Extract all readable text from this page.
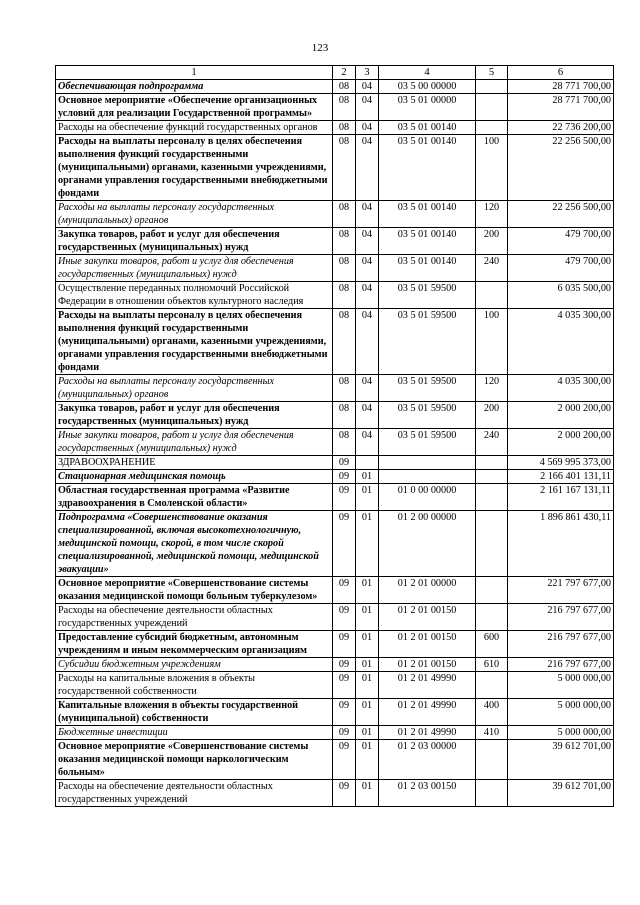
123
1	2	3	4	5	6
Обеспечивающая подпрограмма	08	04	03 5 00 00000		28 771 700,00
Основное мероприятие «Обеспечение организационных условий для реализации Государственной программы»	08	04	03 5 01 00000		28 771 700,00
Расходы на обеспечение функций государственных органов	08	04	03 5 01 00140		22 736 200,00
Расходы на выплаты персоналу в целях обеспечения выполнения функций государственными (муниципальными) органами, казенными учреждениями, органами управления государственными внебюджетными фондами	08	04	03 5 01 00140	100	22 256 500,00
Расходы на выплаты персоналу государственных (муниципальных) органов	08	04	03 5 01 00140	120	22 256 500,00
Закупка товаров, работ и услуг для обеспечения государственных (муниципальных) нужд	08	04	03 5 01 00140	200	479 700,00
Иные закупки товаров, работ и услуг для обеспечения государственных (муниципальных) нужд	08	04	03 5 01 00140	240	479 700,00
Осуществление переданных полномочий Российской Федерации в отношении объектов культурного наследия	08	04	03 5 01 59500		6 035 500,00
Расходы на выплаты персоналу в целях обеспечения выполнения функций государственными (муниципальными) органами, казенными учреждениями, органами управления государственными внебюджетными фондами	08	04	03 5 01 59500	100	4 035 300,00
Расходы на выплаты персоналу государственных (муниципальных) органов	08	04	03 5 01 59500	120	4 035 300,00
Закупка товаров, работ и услуг для обеспечения государственных (муниципальных) нужд	08	04	03 5 01 59500	200	2 000 200,00
Иные закупки товаров, работ и услуг для обеспечения государственных (муниципальных) нужд	08	04	03 5 01 59500	240	2 000 200,00
ЗДРАВООХРАНЕНИЕ	09				4 569 995 373,00
Стационарная медицинская помощь	09	01			2 166 401 131,11
Областная государственная программа «Развитие здравоохранения в Смоленской области»	09	01	01 0 00 00000		2 161 167 131,11
Подпрограмма «Совершенствование оказания специализированной, включая высокотехнологичную, медицинской помощи, скорой, в том числе скорой специализированной, медицинской помощи, медицинской эвакуации»	09	01	01 2 00 00000		1 896 861 430,11
Основное мероприятие «Совершенствование системы оказания медицинской помощи больным туберкулезом»	09	01	01 2 01 00000		221 797 677,00
Расходы на обеспечение деятельности областных государственных учреждений	09	01	01 2 01 00150		216 797 677,00
Предоставление субсидий бюджетным, автономным учреждениям и иным некоммерческим организациям	09	01	01 2 01 00150	600	216 797 677,00
Субсидии бюджетным учреждениям	09	01	01 2 01 00150	610	216 797 677,00
Расходы на капитальные вложения в объекты государственной собственности	09	01	01 2 01 49990		5 000 000,00
Капитальные вложения в объекты государственной (муниципальной) собственности	09	01	01 2 01 49990	400	5 000 000,00
Бюджетные инвестиции	09	01	01 2 01 49990	410	5 000 000,00
Основное мероприятие «Совершенствование системы оказания медицинской помощи наркологическим больным»	09	01	01 2 03 00000		39 612 701,00
Расходы на обеспечение деятельности областных государственных учреждений	09	01	01 2 03 00150		39 612 701,00
